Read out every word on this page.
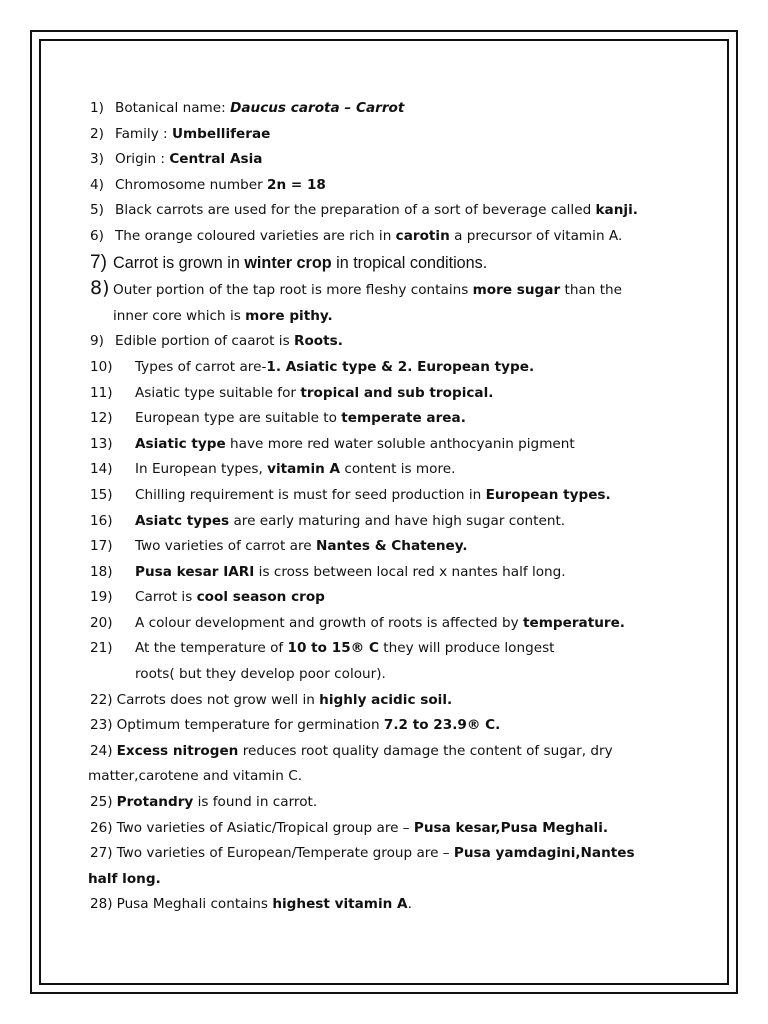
1) Botanical name: Daucus carota – Carrot
2) Family : Umbelliferae
3) Origin : Central Asia
4) Chromosome number 2n = 18
5) Black carrots are used for the preparation of a sort of beverage called kanji.
6) The orange coloured varieties are rich in carotin a precursor of vitamin A.
7) Carrot is grown in winter crop in tropical conditions.
8) Outer portion of the tap root is more fleshy contains more sugar than the
inner core which is more pithy.
9) Edible portion of caarot is Roots.
10) Types of carrot are-1. Asiatic type & 2. European type.
11) Asiatic type suitable for tropical and sub tropical.
12) European type are suitable to temperate area.
13) Asiatic type have more red water soluble anthocyanin pigment
14) In European types, vitamin A content is more.
15) Chilling requirement is must for seed production in European types.
16) Asiatc types are early maturing and have high sugar content.
17) Two varieties of carrot are Nantes & Chateney.
18) Pusa kesar IARI is cross between local red x nantes half long.
19) Carrot is cool season crop
20) A colour development and growth of roots is affected by temperature.
21) At the temperature of 10 to 15® C they will produce longest
roots( but they develop poor colour).
22) Carrots does not grow well in highly acidic soil.
23) Optimum temperature for germination 7.2 to 23.9® C.
24) Excess nitrogen reduces root quality damage the content of sugar, dry
matter,carotene and vitamin C.
25) Protandry is found in carrot.
26) Two varieties of Asiatic/Tropical group are – Pusa kesar,Pusa Meghali.
27) Two varieties of European/Temperate group are – Pusa yamdagini,Nantes
half long.
28) Pusa Meghali contains highest vitamin A.
